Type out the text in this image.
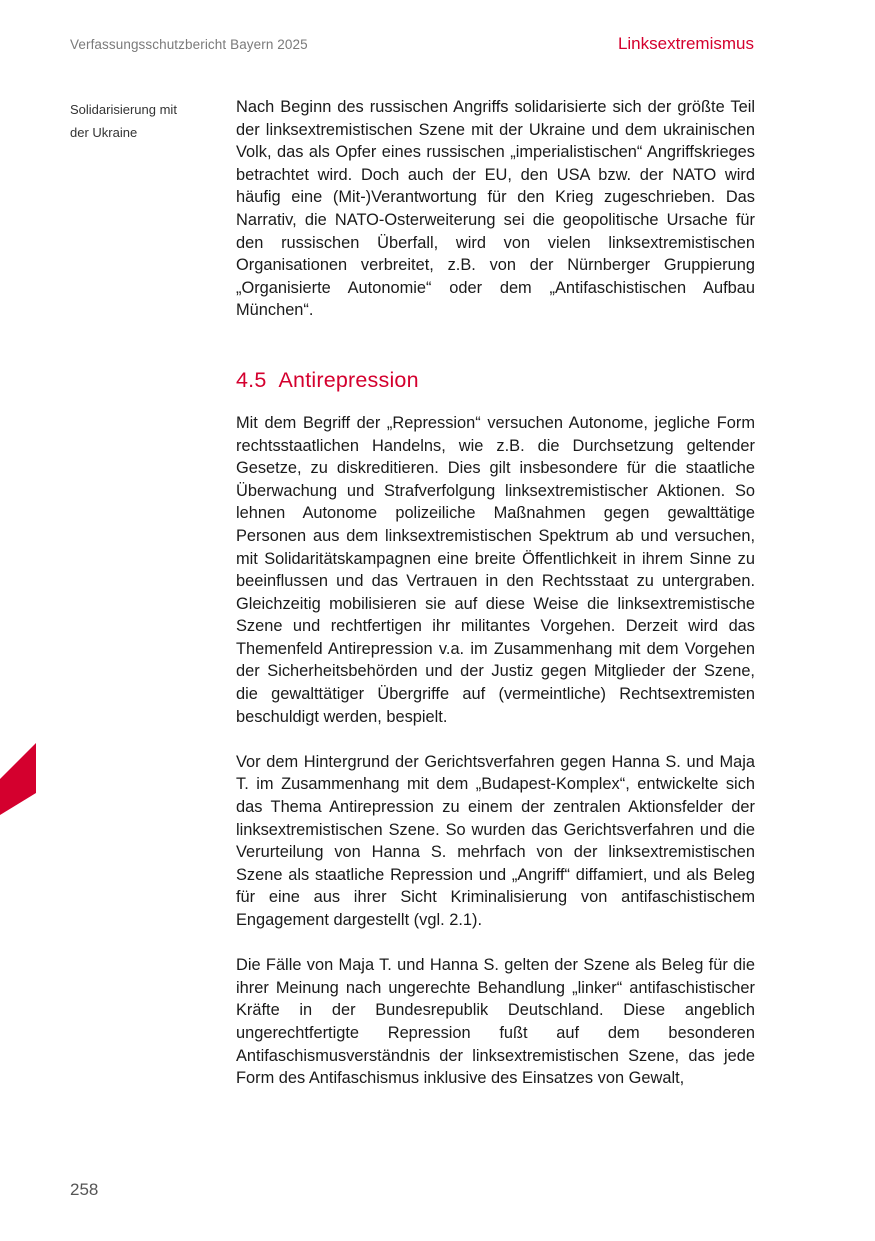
Verfassungsschutzbericht Bayern 2025	Linksextremismus
Solidarisierung mit
der Ukraine

Nach Beginn des russischen Angriffs solidarisierte sich der größte Teil der linksextremistischen Szene mit der Ukraine und dem ukrainischen Volk, das als Opfer eines russischen „imperialistischen“ Angriffskrieges betrachtet wird. Doch auch der EU, den USA bzw. der NATO wird häufig eine (Mit-)Verantwortung für den Krieg zugeschrieben. Das Narrativ, die NATO-Osterweiterung sei die geopolitische Ursache für den russischen Überfall, wird von vielen linksextremistischen Organisationen verbreitet, z.B. von der Nürnberger Gruppierung „Organisierte Autonomie“ oder dem „Antifaschistischen Aufbau München“.

4.5 Antirepression

Mit dem Begriff der „Repression“ versuchen Autonome, jegliche Form rechtsstaatlichen Handelns, wie z.B. die Durchsetzung geltender Gesetze, zu diskreditieren. Dies gilt insbesondere für die staatliche Überwachung und Strafverfolgung linksextremistischer Aktionen. So lehnen Autonome polizeiliche Maßnahmen gegen gewalttätige Personen aus dem linksextremistischen Spektrum ab und versuchen, mit Solidaritätskampagnen eine breite Öffentlichkeit in ihrem Sinne zu beeinflussen und das Vertrauen in den Rechtsstaat zu untergraben. Gleichzeitig mobilisieren sie auf diese Weise die linksextremistische Szene und rechtfertigen ihr militantes Vorgehen. Derzeit wird das Themenfeld Antirepression v.a. im Zusammenhang mit dem Vorgehen der Sicherheitsbehörden und der Justiz gegen Mitglieder der Szene, die gewalttätiger Übergriffe auf (vermeintliche) Rechtsextremisten beschuldigt werden, bespielt.

Vor dem Hintergrund der Gerichtsverfahren gegen Hanna S. und Maja T. im Zusammenhang mit dem „Budapest-Komplex“, entwickelte sich das Thema Antirepression zu einem der zentralen Aktionsfelder der linksextremistischen Szene. So wurden das Gerichtsverfahren und die Verurteilung von Hanna S. mehrfach von der linksextremistischen Szene als staatliche Repression und „Angriff“ diffamiert, und als Beleg für eine aus ihrer Sicht Kriminalisierung von antifaschistischem Engagement dargestellt (vgl. 2.1).

Die Fälle von Maja T. und Hanna S. gelten der Szene als Beleg für die ihrer Meinung nach ungerechte Behandlung „linker“ antifaschistischer Kräfte in der Bundesrepublik Deutschland. Diese angeblich ungerechtfertigte Repression fußt auf dem besonderen Antifaschismusverständnis der linksextremistischen Szene, das jede Form des Antifaschismus inklusive des Einsatzes von Gewalt,

258
